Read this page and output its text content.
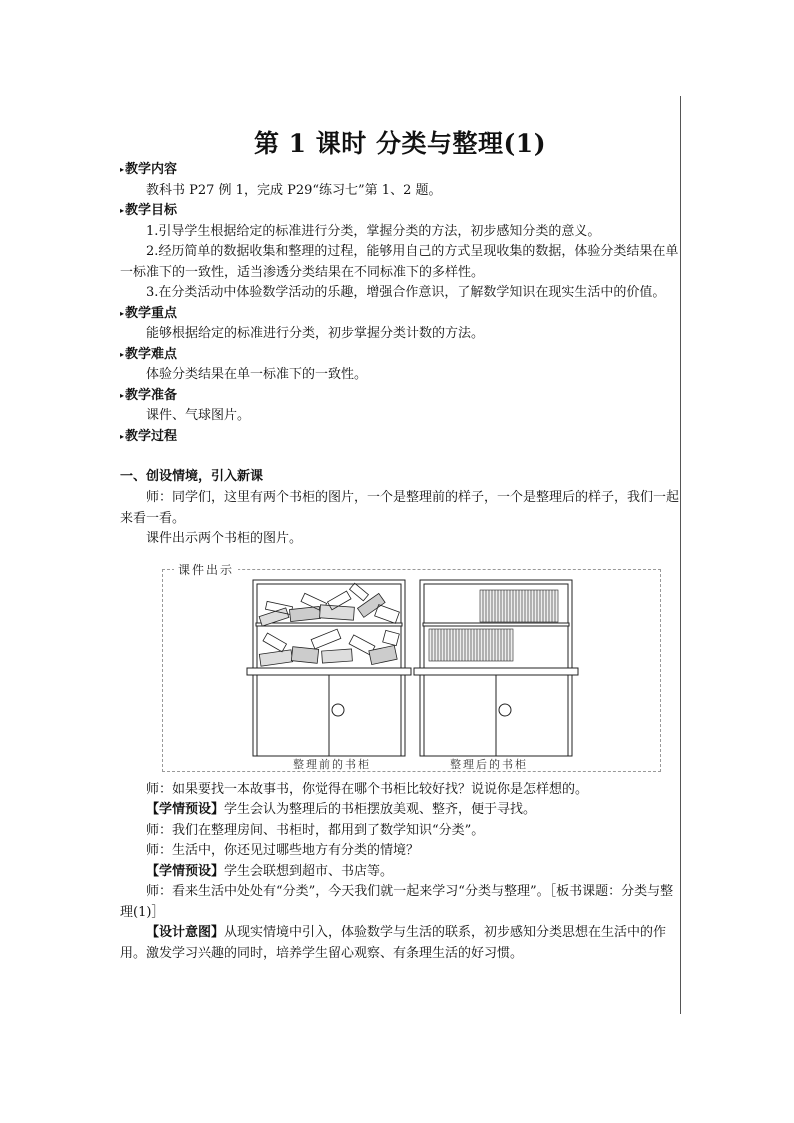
第 1 课时 分类与整理(1)
▸教学内容

教科书 P27 例 1，完成 P29“练习七”第 1、2 题。

▸教学目标

1.引导学生根据给定的标准进行分类，掌握分类的方法，初步感知分类的意义。

2.经历简单的数据收集和整理的过程，能够用自己的方式呈现收集的数据，体验分类结果在单一标准下的一致性，适当渗透分类结果在不同标准下的多样性。

3.在分类活动中体验数学活动的乐趣，增强合作意识，了解数学知识在现实生活中的价值。

▸教学重点

能够根据给定的标准进行分类，初步掌握分类计数的方法。

▸教学难点

体验分类结果在单一标准下的一致性。

▸教学准备

课件、气球图片。

▸教学过程
一、创设情境，引入新课

师：同学们，这里有两个书柜的图片，一个是整理前的样子，一个是整理后的样子，我们一起来看一看。

课件出示两个书柜的图片。

课件出示
整理前的书柜	整理后的书柜

师：如果要找一本故事书，你觉得在哪个书柜比较好找？说说你是怎样想的。

【学情预设】学生会认为整理后的书柜摆放美观、整齐，便于寻找。

师：我们在整理房间、书柜时，都用到了数学知识“分类”。

师：生活中，你还见过哪些地方有分类的情境？

【学情预设】学生会联想到超市、书店等。

师：看来生活中处处有“分类”，今天我们就一起来学习“分类与整理”。［板书课题：分类与整理(1)］

【设计意图】从现实情境中引入，体验数学与生活的联系，初步感知分类思想在生活中的作用。激发学习兴趣的同时，培养学生留心观察、有条理生活的好习惯。
